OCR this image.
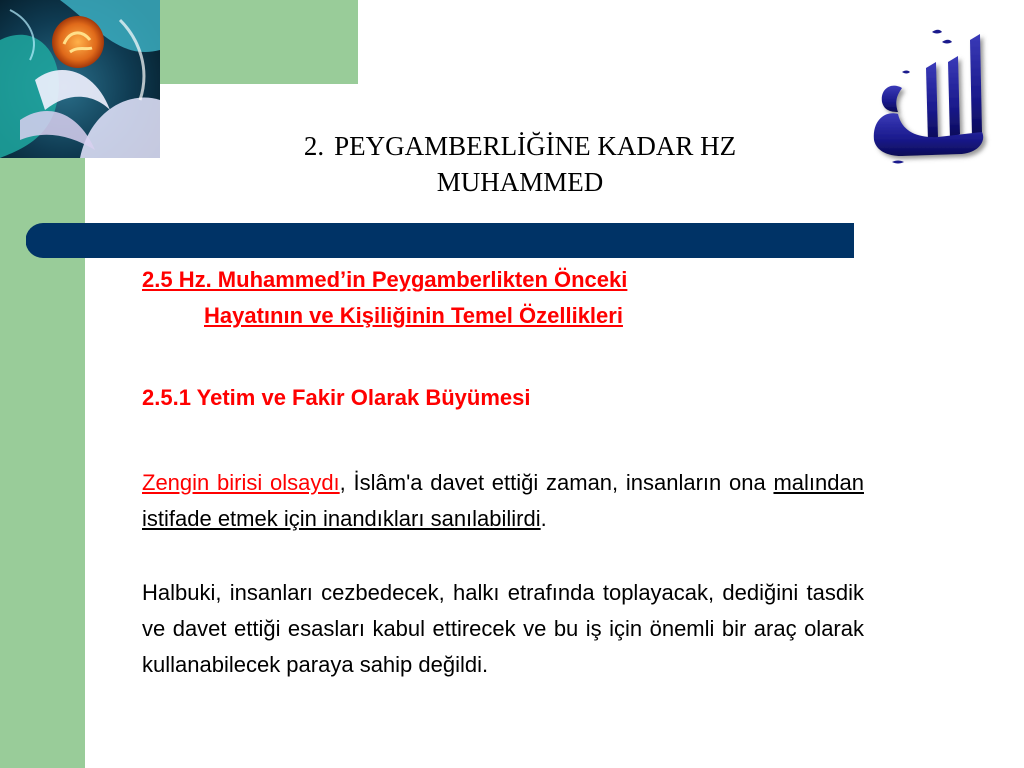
2. PEYGAMBERLİĞİNE KADAR HZ
MUHAMMED

2.5 Hz. Muhammed’in Peygamberlikten Önceki
Hayatının ve Kişiliğinin Temel Özellikleri

2.5.1 Yetim ve Fakir Olarak Büyümesi

Zengin birisi olsaydı, İslâm'a davet ettiği zaman, insanların ona malından istifade etmek için inandıkları sanılabilirdi.

Halbuki, insanları cezbedecek, halkı etrafında toplayacak, dediğini tasdik ve davet ettiği esasları kabul ettirecek ve bu iş için önemli bir araç olarak kullanabilecek paraya sahip değildi.
